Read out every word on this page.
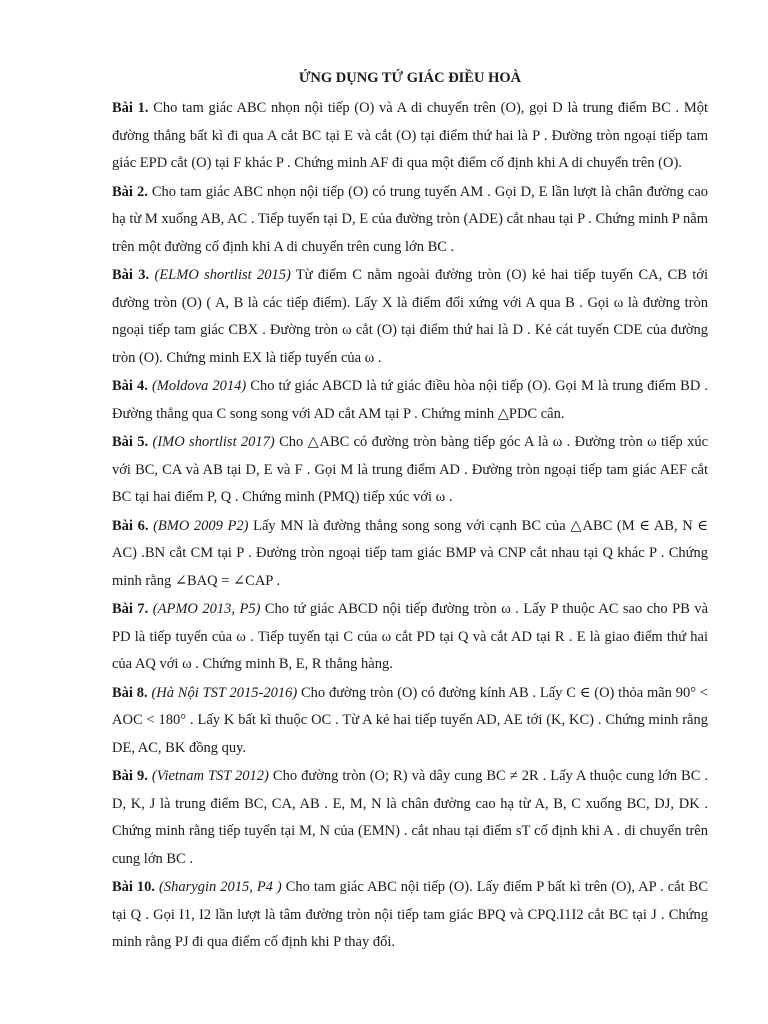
ỨNG DỤNG TỨ GIÁC ĐIỀU HOÀ
Bài 1. Cho tam giác ABC nhọn nội tiếp (O) và A di chuyển trên (O), gọi D là trung điểm BC . Một đường thẳng bất kì đi qua A cắt BC tại E và cắt (O) tại điểm thứ hai là P . Đường tròn ngoại tiếp tam giác EPD cắt (O) tại F khác P . Chứng minh AF đi qua một điểm cố định khi A di chuyển trên (O).
Bài 2. Cho tam giác ABC nhọn nội tiếp (O) có trung tuyến AM . Gọi D, E lần lượt là chân đường cao hạ từ M xuống AB, AC . Tiếp tuyến tại D, E của đường tròn (ADE) cắt nhau tại P . Chứng minh P nằm trên một đường cố định khi A di chuyển trên cung lớn BC .
Bài 3. (ELMO shortlist 2015) Từ điểm C nằm ngoài đường tròn (O) kẻ hai tiếp tuyến CA, CB tới đường tròn (O) ( A, B là các tiếp điểm). Lấy X là điểm đối xứng với A qua B . Gọi ω là đường tròn ngoại tiếp tam giác CBX . Đường tròn ω cắt (O) tại điểm thứ hai là D . Kẻ cát tuyến CDE của đường tròn (O). Chứng minh EX là tiếp tuyến của ω .
Bài 4. (Moldova 2014) Cho tứ giác ABCD là tứ giác điều hòa nội tiếp (O). Gọi M là trung điểm BD . Đường thẳng qua C song song với AD cắt AM tại P . Chứng minh △PDC cân.
Bài 5. (IMO shortlist 2017) Cho △ABC có đường tròn bàng tiếp góc A là ω . Đường tròn ω tiếp xúc với BC, CA và AB tại D, E và F . Gọi M là trung điểm AD . Đường tròn ngoại tiếp tam giác AEF cắt BC tại hai điểm P, Q . Chứng minh (PMQ) tiếp xúc với ω .
Bài 6. (BMO 2009 P2) Lấy MN là đường thẳng song song với cạnh BC của △ABC (M ∈ AB, N ∈ AC) .BN cắt CM tại P . Đường tròn ngoại tiếp tam giác BMP và CNP cắt nhau tại Q khác P . Chứng minh rằng ∠BAQ = ∠CAP .
Bài 7. (APMO 2013, P5) Cho tứ giác ABCD nội tiếp đường tròn ω . Lấy P thuộc AC sao cho PB và PD là tiếp tuyến của ω . Tiếp tuyến tại C của ω cắt PD tại Q và cắt AD tại R . E là giao điểm thứ hai của AQ với ω . Chứng minh B, E, R thẳng hàng.
Bài 8. (Hà Nội TST 2015-2016) Cho đường tròn (O) có đường kính AB . Lấy C ∈ (O) thỏa mãn 90° < AOC < 180° . Lấy K bất kì thuộc OC . Từ A kẻ hai tiếp tuyến AD, AE tới (K, KC) . Chứng minh rằng DE, AC, BK đồng quy.
Bài 9. (Vietnam TST 2012) Cho đường tròn (O; R) và dây cung BC ≠ 2R . Lấy A thuộc cung lớn BC . D, K, J là trung điểm BC, CA, AB . E, M, N là chân đường cao hạ từ A, B, C xuống BC, DJ, DK . Chứng minh rằng tiếp tuyến tại M, N của (EMN) . cắt nhau tại điểm sT cố định khi A . di chuyển trên cung lớn BC .
Bài 10. (Sharygin 2015, P4 ) Cho tam giác ABC nội tiếp (O). Lấy điểm P bất kì trên (O), AP . cắt BC tại Q . Gọi I1, I2 lần lượt là tâm đường tròn nội tiếp tam giác BPQ và CPQ.I1I2 cắt BC tại J . Chứng minh rằng PJ đi qua điểm cố định khi P thay đổi.
